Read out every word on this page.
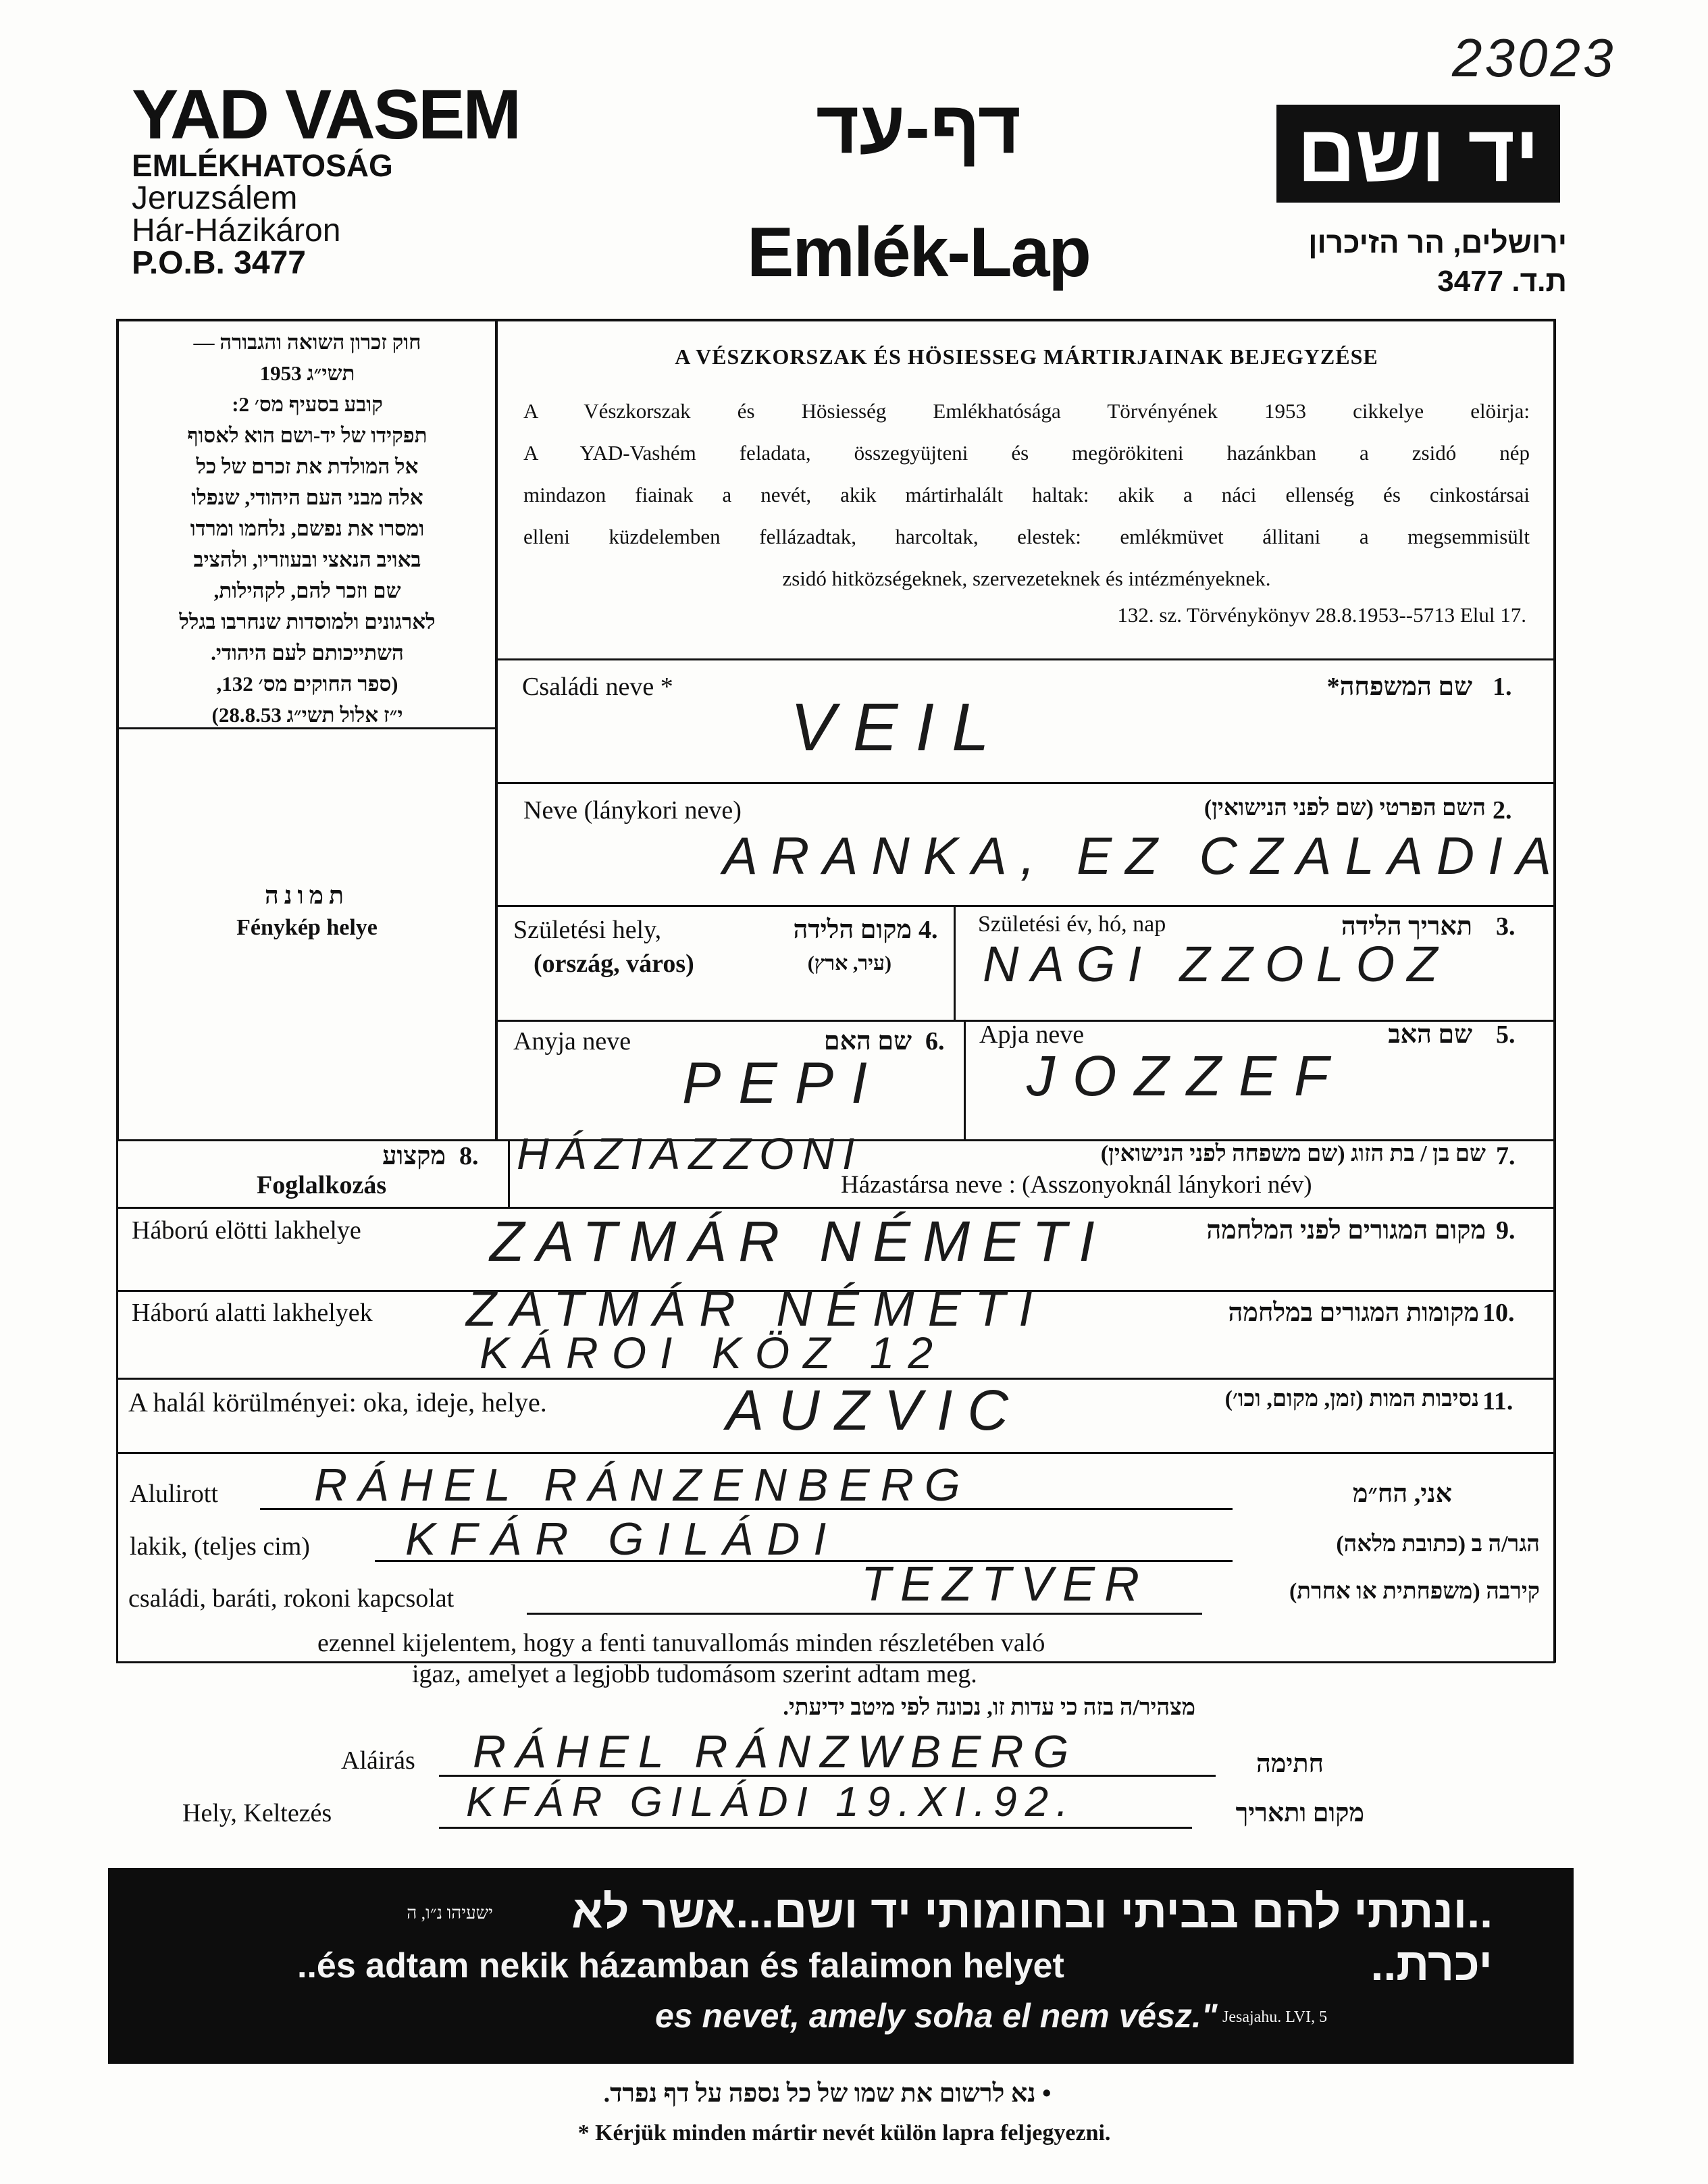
23023
YAD VASEM
EMLÉKHATOSÁG
Jeruzsálem
Hár-Házikáron
P.O.B. 3477
דף-עד
Emlék-Lap
יד ושם
ירושלים, הר הזיכרון
ת.ד. 3477
חוק זכרון השואה והגבורה —
תשי״ג 1953
קובע בסעיף מס׳ 2:
תפקידו של יד-ושם הוא לאסוף
אל המולדת את זכרם של כל
אלה מבני העם היהודי, שנפלו
ומסרו את נפשם, נלחמו ומרדו
באויב הנאצי ובעוזריו, ולהציב
שם וזכר להם, לקהילות,
לארגונים ולמוסדות שנחרבו בגלל
השתייכותם לעם היהודי.
(ספר החוקים מס׳ 132,
י״ז אלול תשי״ג 28.8.53)
תמונה
Fénykép helye
A VÉSZKORSZAK ÉS HÖSIESSEG MÁRTIRJAINAK BEJEGYZÉSE
A Vészkorszak és Hösiesség Emlékhatósága Törvényének 1953 cikkelye elöirja:
A YAD-Vashém feladata, összegyüjteni és megörökiteni hazánkban a zsidó nép
mindazon fiainak a nevét, akik mártirhalált haltak: akik a náci ellenség és cinkostársai
elleni küzdelemben fellázadtak, harcoltak, elestek: emlékmüvet állitani a megsemmisült
zsidó hitközségeknek, szervezeteknek és intézményeknek.
132. sz. Törvénykönyv 28.8.1953--5713 Elul 17.
Családi neve *	שם המשפחה* 1.
VEIL
Neve (lánykori neve)	השם הפרטי (שם לפני הנישואין) 2.
ARANKA, EZ CZALADIA
Születési hely,	מקום הלידה 4.
(ország, város)	(עיר, ארץ)
Születési év, hó, nap	תאריך הלידה 3.
NAGI ZZOLOZ
Anyja neve	שם האם 6.
PEPI
Apja neve	שם האב 5.
JOZZEF
מקצוע 8.
Foglalkozás
HÁZIAZZONI	שם בן / בת הזוג (שם משפחה לפני הנישואין) 7.
Házastársa neve : (Asszonyoknál lánykori név)
Háború elötti lakhelye	מקום המגורים לפני המלחמה 9.
ZATMÁR NÉMETI
Háború alatti lakhelyek	מקומות המגורים במלחמה 10.
ZATMÁR NÉMETI
KÁROI KÖZ 12
A halál körülményei: oka, ideje, helye.	נסיבות המות (זמן, מקום, וכו׳) 11.
AUZVIC
Alulirott RÁHEL RÁNZENBERG	אני, הח״מ
lakik, (teljes cim) KFÁR GILÁDI	הגר/ה ב (כתובת מלאה)
családi, baráti, rokoni kapcsolat	TEZTVER	קירבה (משפחתית או אחרת)
ezennel kijelentem, hogy a fenti tanuvallomás minden részletében való
igaz, amelyet a legjobb tudomásom szerint adtam meg.
מצהיר/ה בזה כי עדות זו, נכונה לפי מיטב ידיעתי.
Aláirás RÁHEL RÁNZWBERG	חתימה
Hely, Keltezés	KFÁR GILÁDI 19.XI.92.	מקום ותאריך
..ונתתי להם בביתי ובחומותי יד ושם...אשר לא יכרת..
ישעיהו נ״ו, ה
..és adtam nekik házamban és falaimon helyet
es nevet, amely soha el nem vész." Jesajahu. LVI, 5
• נא לרשום את שמו של כל נספה על דף נפרד.
* Kérjük minden mártir nevét külön lapra feljegyezni.
